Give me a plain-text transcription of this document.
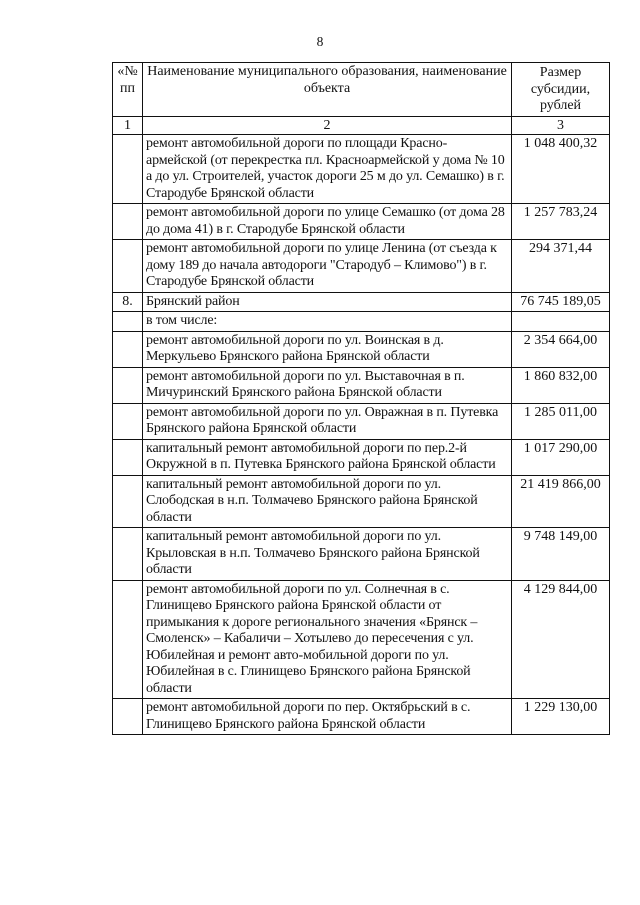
8
«№ пп	Наименование муниципального образования, наименование объекта	Размер субсидии, рублей
1	2	3
	ремонт автомобильной дороги по площади Красно-армейской (от перекрестка пл. Красноармейской у дома № 10 а до ул. Строителей, участок дороги 25 м до ул. Семашко) в г. Стародубе Брянской области	1 048 400,32
	ремонт автомобильной дороги по улице Семашко (от дома 28 до дома 41) в г. Стародубе Брянской области	1 257 783,24
	ремонт автомобильной дороги по улице Ленина (от съезда к дому 189 до начала автодороги "Стародуб – Климово") в г. Стародубе Брянской области	294 371,44
8.	Брянский район	76 745 189,05
	в том числе:	
	ремонт автомобильной дороги по ул. Воинская в д. Меркульево Брянского района Брянской области	2 354 664,00
	ремонт автомобильной дороги по ул. Выставочная в п. Мичуринский Брянского района Брянской области	1 860 832,00
	ремонт автомобильной дороги по ул. Овражная в п. Путевка Брянского района Брянской области	1 285 011,00
	капитальный ремонт автомобильной дороги по пер.2-й Окружной в п. Путевка Брянского района Брянской области	1 017 290,00
	капитальный ремонт автомобильной дороги по ул. Слободская в н.п. Толмачево Брянского района Брянской области	21 419 866,00
	капитальный ремонт автомобильной дороги по ул. Крыловская в н.п. Толмачево Брянского района Брянской области	9 748 149,00
	ремонт автомобильной дороги по ул. Солнечная в с. Глинищево Брянского района Брянской области от примыкания к дороге регионального значения «Брянск – Смоленск» – Кабаличи – Хотылево до пересечения с ул. Юбилейная и ремонт авто-мобильной дороги по ул. Юбилейная в с. Глинищево Брянского района Брянской области	4 129 844,00
	ремонт автомобильной дороги по пер. Октябрьский в с. Глинищево Брянского района Брянской области	1 229 130,00
